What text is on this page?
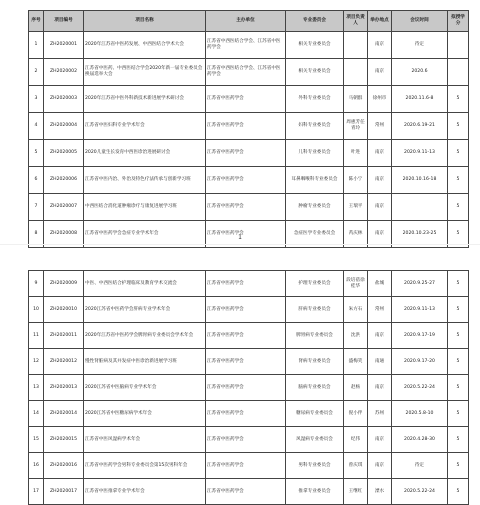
序号	项目编号	项目名称	主办单位	专业委员会	项目负责人	举办地点	会议时间	拟授学分
1	ZH2020001	2020年江苏省中医药发展、中西医结合学术大会	江苏省中西医结合学会、江苏省中医药学会	相关专业委员会		南京	待定	
2	ZH2020002	江苏省中医药、中西医结合学会2020年新一届专业委员会换届选举大会	江苏省中西医结合学会、江苏省中医药学会	相关专业委员会		南京	2020.6	
3	ZH2020003	2020年江苏省中医外科新技术新进展学术研讨会	江苏省中医药学会	外科专业委员会	马朝群	徐州市	2020.11.6-8	5
4	ZH2020004	江苏省中医妇科专业学术年会	江苏省中医药学会	妇科专业委员会	周惠芳任青玲	常州	2020.6.19-21	5
5	ZH2020005	2020儿童生长发育中西医诊治进展研讨会	江苏省中医药学会	儿科专业委员会	叶进	南京	2020.9.11-13	5
6	ZH2020006	江苏省中医内治、外治及特色疗法传承与创新学习班	江苏省中医药学会	耳鼻咽喉科专业委员会	陈小宁	南京	2020.10.16-18	5
7	ZH2020007	中西医结合消化道肿瘤诊疗与康复进展学习班	江苏省中医药学会	肿瘤专业委员会	王瑞平	南京		5
8	ZH2020008	江苏省中医药学会急症专业学术年会	江苏省中医药学会	急症医学专业委员会	芮庆林	南京	2020.10.23-25	5
1
9	ZH2020009	中医、中西医结合护理临床及教育学术交流会	江苏省中医药学会	护理专业委员会	段培蓓徐桂华	盐城	2020.9.25-27	5
10	ZH2020010	2020江苏省中医药学会肝病专业学术年会	江苏省中医药学会	肝病专业委员会	朱方石	常州	2020.9.11-13	5
11	ZH2020011	2020年江苏省中医药学会脾胃病专业委员会学术年会	江苏省中医药学会	脾胃病专业委员会	沈洪	南京	2020.9.17-19	5
12	ZH2020012	慢性肾脏病及其并发症中医诊治新进展学习班	江苏省中医药学会	肾病专业委员会	盛梅笑	南通	2020.9.17-20	5
13	ZH2020013	2020江苏省中医脑病专业学术年会	江苏省中医药学会	脑病专业委员会	赵杨	南京	2020.5.22-24	5
14	ZH2020014	2020江苏省中医糖尿病学术年会	江苏省中医药学会	糖尿病专业委员会	倪小伴	苏州	2020.5.8-10	5
15	ZH2020015	江苏省中医风湿病学术年会	江苏省中医药学会	风湿病专业委员会	纪伟	南京	2020.4.28-30	5
16	ZH2020016	江苏省中医药学会男科专业委员会第15次男科年会	江苏省中医药学会	男科专业委员会	曾庆琪	南京	待定	5
17	ZH2020017	江苏省中医推拿专业学术年会	江苏省中医药学会	推拿专业委员会	王继红	溧水	2020.5.22-24	5
